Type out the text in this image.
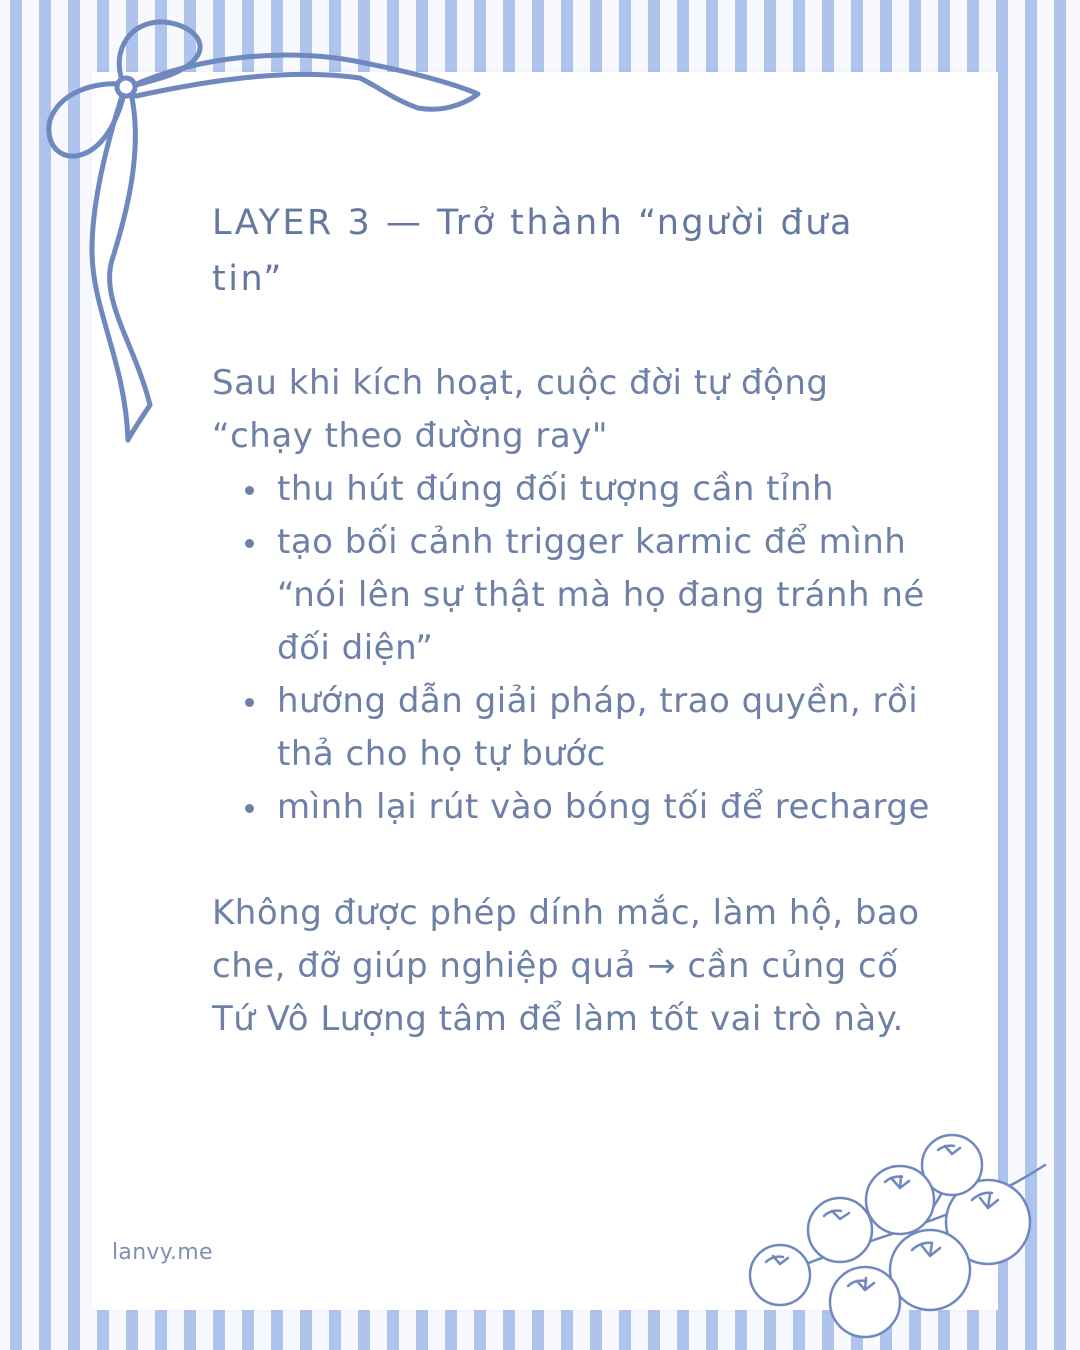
LAYER 3 — Trở thành “người đưa tin”

Sau khi kích hoạt, cuộc đời tự động “chạy theo đường ray"

thu hút đúng đối tượng cần tỉnh
tạo bối cảnh trigger karmic để mình “nói lên sự thật mà họ đang tránh né đối diện”
hướng dẫn giải pháp, trao quyền, rồi thả cho họ tự bước
mình lại rút vào bóng tối để recharge

Không được phép dính mắc, làm hộ, bao che, đỡ giúp nghiệp quả → cần củng cố Tứ Vô Lượng tâm để làm tốt vai trò này.

lanvy.me
